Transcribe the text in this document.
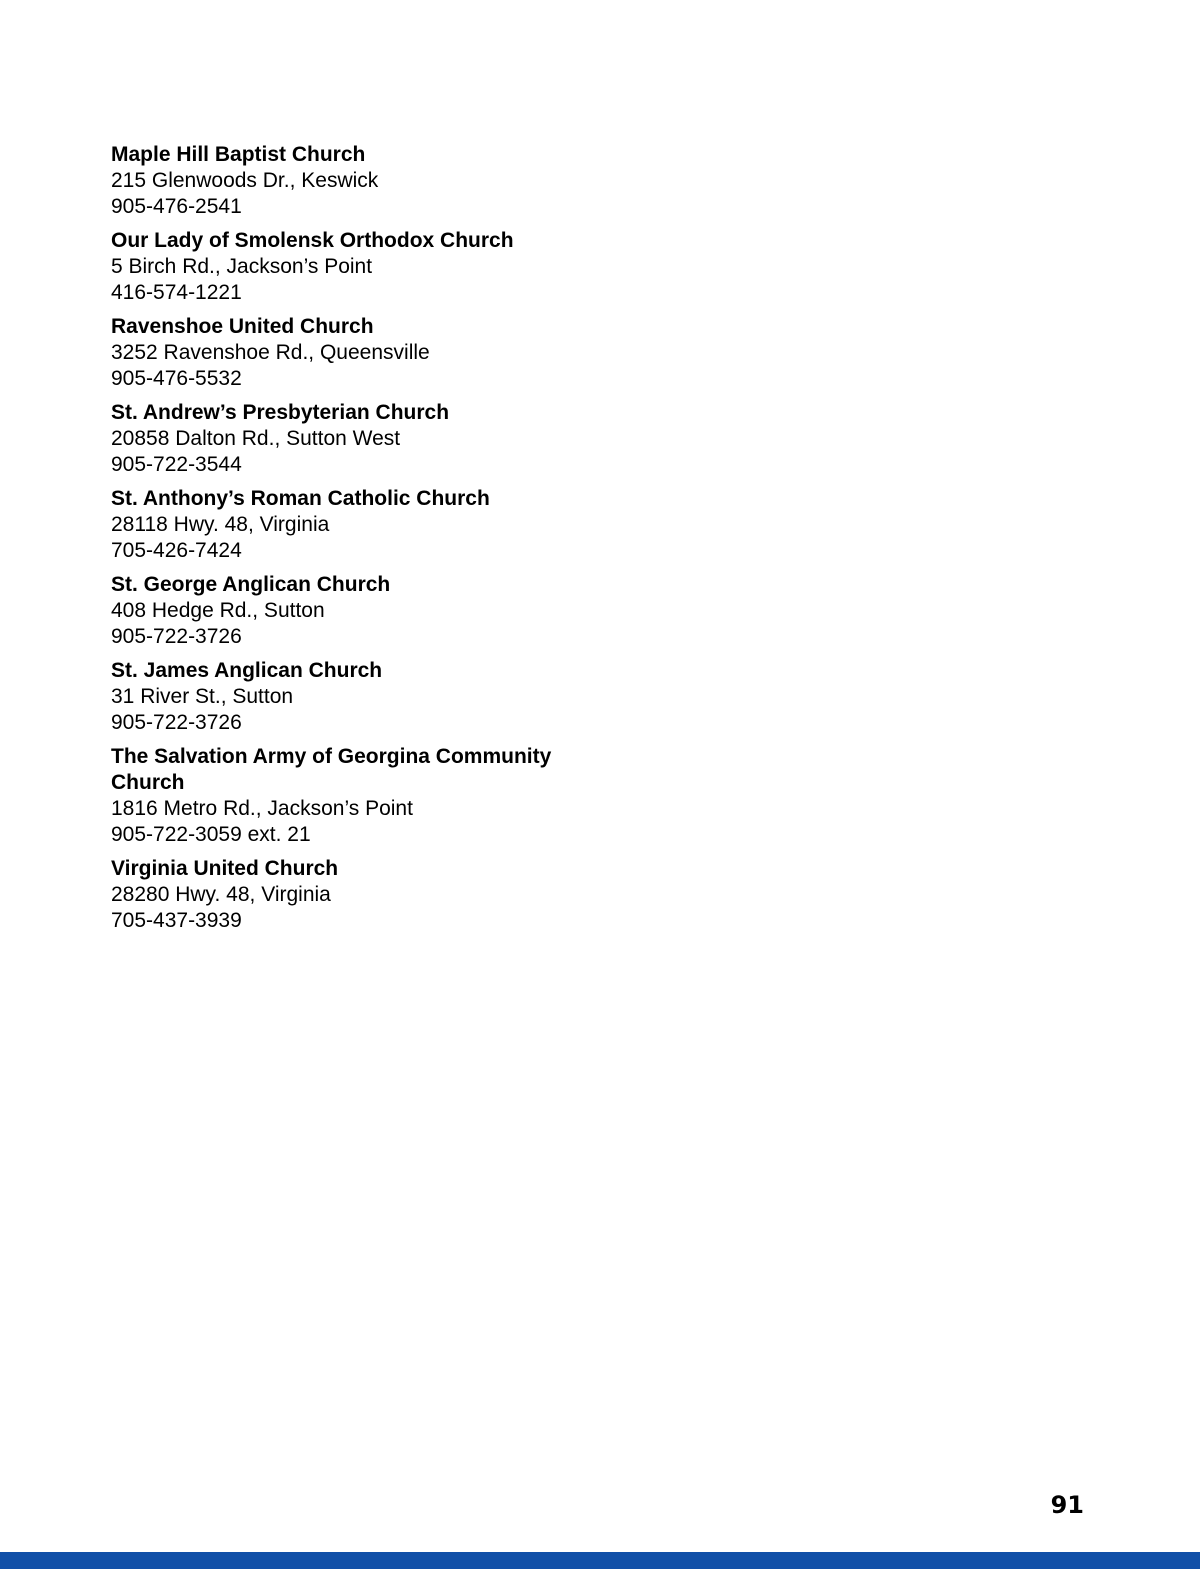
Maple Hill Baptist Church
215 Glenwoods Dr., Keswick
905-476-2541
Our Lady of Smolensk Orthodox Church
5 Birch Rd., Jackson’s Point
416-574-1221
Ravenshoe United Church
3252 Ravenshoe Rd., Queensville
905-476-5532
St. Andrew’s Presbyterian Church
20858 Dalton Rd., Sutton West
905-722-3544
St. Anthony’s Roman Catholic Church
28118 Hwy. 48, Virginia
705-426-7424
St. George Anglican Church
408 Hedge Rd., Sutton
905-722-3726
St. James Anglican Church
31 River St., Sutton
905-722-3726
The Salvation Army of Georgina Community Church
1816 Metro Rd., Jackson’s Point
905-722-3059 ext. 21
Virginia United Church
28280 Hwy. 48, Virginia
705-437-3939
91
